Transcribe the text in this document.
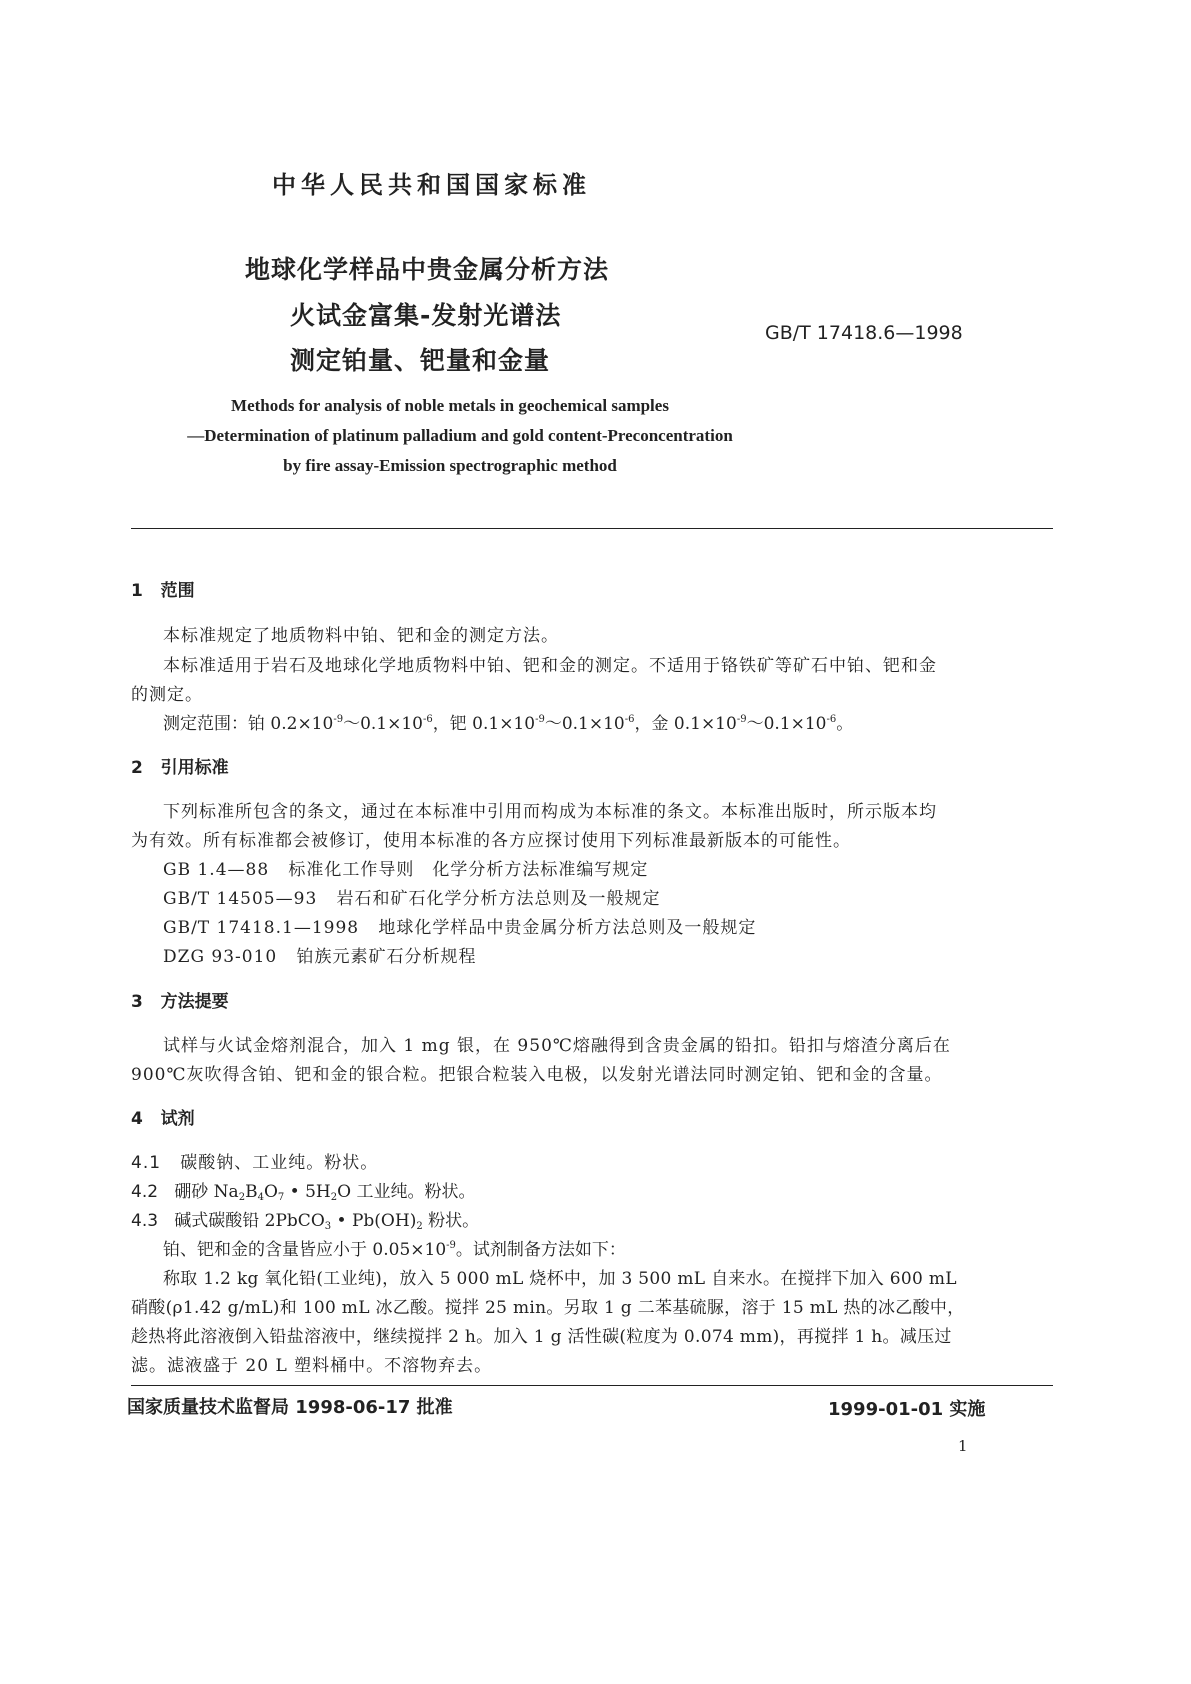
中华人民共和国国家标准
地球化学样品中贵金属分析方法
火试金富集-发射光谱法
测定铂量、钯量和金量
GB/T 17418.6—1998
Methods for analysis of noble metals in geochemical samples
—Determination of platinum palladium and gold content-Preconcentration
by fire assay-Emission spectrographic method
1 范围
本标准规定了地质物料中铂、钯和金的测定方法。
本标准适用于岩石及地球化学地质物料中铂、钯和金的测定。不适用于铬铁矿等矿石中铂、钯和金
的测定。
测定范围：铂 $0.2\times 10^{-9}\sim 0.1\times 10^{-6}$，钯 $0.1\times 10^{-9}\sim 0.1\times 10^{-6}$，金 $0.1\times 10^{-9}\sim 0.1\times 10^{-6}$。
2 引用标准
下列标准所包含的条文，通过在本标准中引用而构成为本标准的条文。本标准出版时，所示版本均
为有效。所有标准都会被修订，使用本标准的各方应探讨使用下列标准最新版本的可能性。
GB 1.4—88 标准化工作导则　化学分析方法标准编写规定
GB/T 14505—93 岩石和矿石化学分析方法总则及一般规定
GB/T 17418.1—1998 地球化学样品中贵金属分析方法总则及一般规定
DZG 93-010 铂族元素矿石分析规程
3 方法提要
试样与火试金熔剂混合，加入 1 mg 银，在 950℃熔融得到含贵金属的铅扣。铅扣与熔渣分离后在
900℃灰吹得含铂、钯和金的银合粒。把银合粒装入电极，以发射光谱法同时测定铂、钯和金的含量。
4 试剂
4.1 碳酸钠、工业纯。粉状。
4.2 硼砂 $Na_2B_4O_7$ • $5H_2O$ 工业纯。粉状。
4.3 碱式碳酸铅 2PbCO$_3$ • $Pb(OH)_2$ 粉状。
铂、钯和金的含量皆应小于 $0.05\times 10^{-9}$。试剂制备方法如下：
称取 1.2 kg 氧化铅(工业纯)，放入 5 000 mL 烧杯中，加 3 500 mL 自来水。在搅拌下加入 600 mL
硝酸(ρ1.42 g/mL)和 100 mL 冰乙酸。搅拌 25 min。另取 1 g 二苯基硫脲，溶于 15 mL 热的冰乙酸中，
趁热将此溶液倒入铅盐溶液中，继续搅拌 2 h。加入 1 g 活性碳(粒度为 0.074 mm)，再搅拌 1 h。减压过
滤。滤液盛于 20 L 塑料桶中。不溶物弃去。
国家质量技术监督局 1998-06-17 批准	1999-01-01 实施
1
